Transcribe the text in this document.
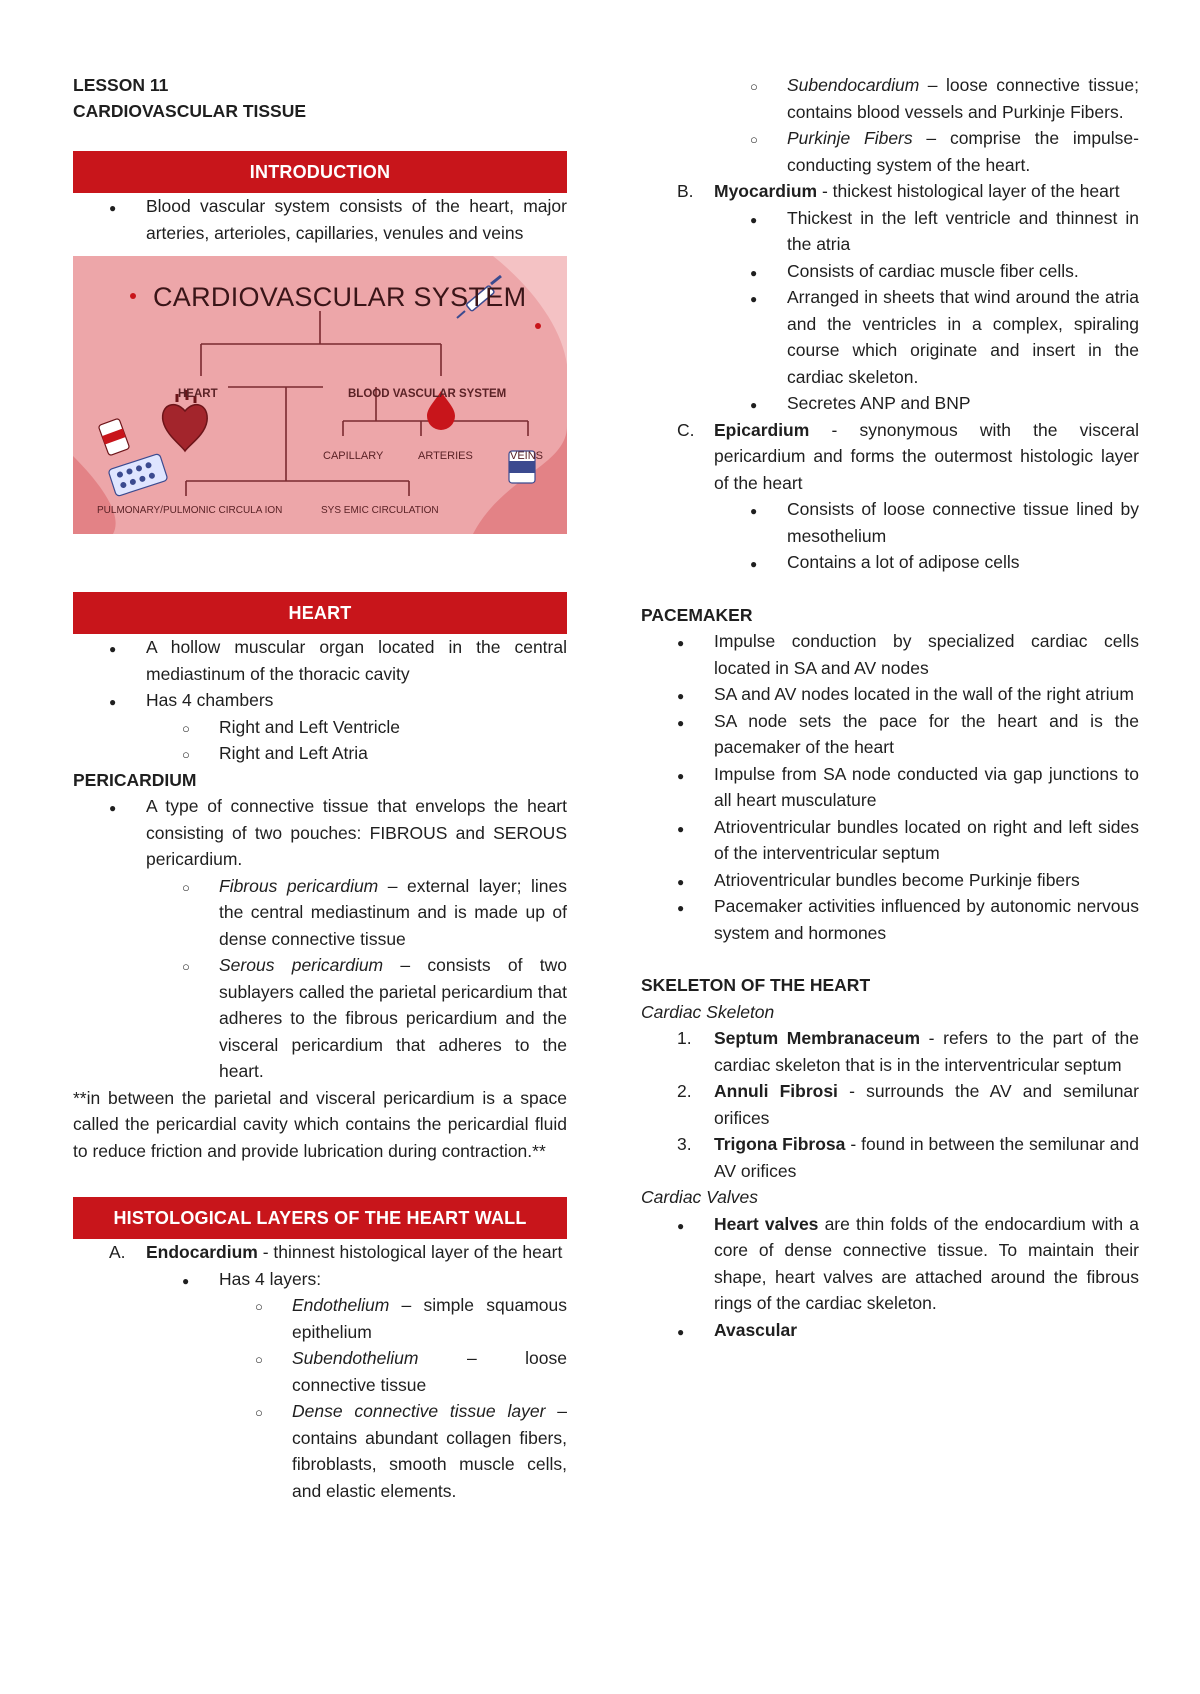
LESSON 11

CARDIOVASCULAR TISSUE

INTRODUCTION
●
Blood vascular system consists of the heart, major arteries, arterioles, capillaries, venules and veins
CARDIOVASCULAR SYSTEM
HEART	BLOOD VASCULAR SYSTEM
CAPILLARY	ARTERIES	VEINS
PULMONARY/PULMONIC CIRCULA ION	SYS EMIC CIRCULATION
HEART
●
A hollow muscular organ located in the central mediastinum of the thoracic cavity
●
Has 4 chambers
○
Right and Left Ventricle
○
Right and Left Atria

PERICARDIUM

●
A type of connective tissue that envelops the heart consisting of two pouches: FIBROUS and SEROUS pericardium.
○
Fibrous pericardium – external layer; lines the central mediastinum and is made up of dense connective tissue
○
Serous pericardium – consists of two sublayers called the parietal pericardium that adheres to the fibrous pericardium and the visceral pericardium that adheres to the heart.

**in between the parietal and visceral pericardium is a space called the pericardial cavity which contains the pericardial fluid to reduce friction and provide lubrication during contraction.**

HISTOLOGICAL LAYERS OF THE HEART WALL
A. Endocardium - thinnest histological layer of the heart
●
Has 4 layers:
○
Endothelium – simple squamous epithelium
○
Subendothelium – loose connective tissue
○
Dense connective tissue layer – contains abundant collagen fibers, fibroblasts, smooth muscle cells, and elastic elements.
○
Subendocardium – loose connective tissue; contains blood vessels and Purkinje Fibers.
○
Purkinje Fibers – comprise the impulse-conducting system of the heart.
B. Myocardium - thickest histological layer of the heart
●
Thickest in the left ventricle and thinnest in the atria
●
Consists of cardiac muscle fiber cells.
●
Arranged in sheets that wind around the atria and the ventricles in a complex, spiraling course which originate and insert in the cardiac skeleton.
●
Secretes ANP and BNP
C. Epicardium - synonymous with the visceral pericardium and forms the outermost histologic layer of the heart
●
Consists of loose connective tissue lined by mesothelium
●
Contains a lot of adipose cells

PACEMAKER

●
Impulse conduction by specialized cardiac cells located in SA and AV nodes
●
SA and AV nodes located in the wall of the right atrium
●
SA node sets the pace for the heart and is the pacemaker of the heart
●
Impulse from SA node conducted via gap junctions to all heart musculature
●
Atrioventricular bundles located on right and left sides of the interventricular septum
●
Atrioventricular bundles become Purkinje fibers
●
Pacemaker activities influenced by autonomic nervous system and hormones

SKELETON OF THE HEART

Cardiac Skeleton

1. Septum Membranaceum - refers to the part of the cardiac skeleton that is in the interventricular septum
2. Annuli Fibrosi - surrounds the AV and semilunar orifices
3. Trigona Fibrosa - found in between the semilunar and AV orifices

Cardiac Valves

●
Heart valves are thin folds of the endocardium with a core of dense connective tissue. To maintain their shape, heart valves are attached around the fibrous rings of the cardiac skeleton.
●
Avascular
